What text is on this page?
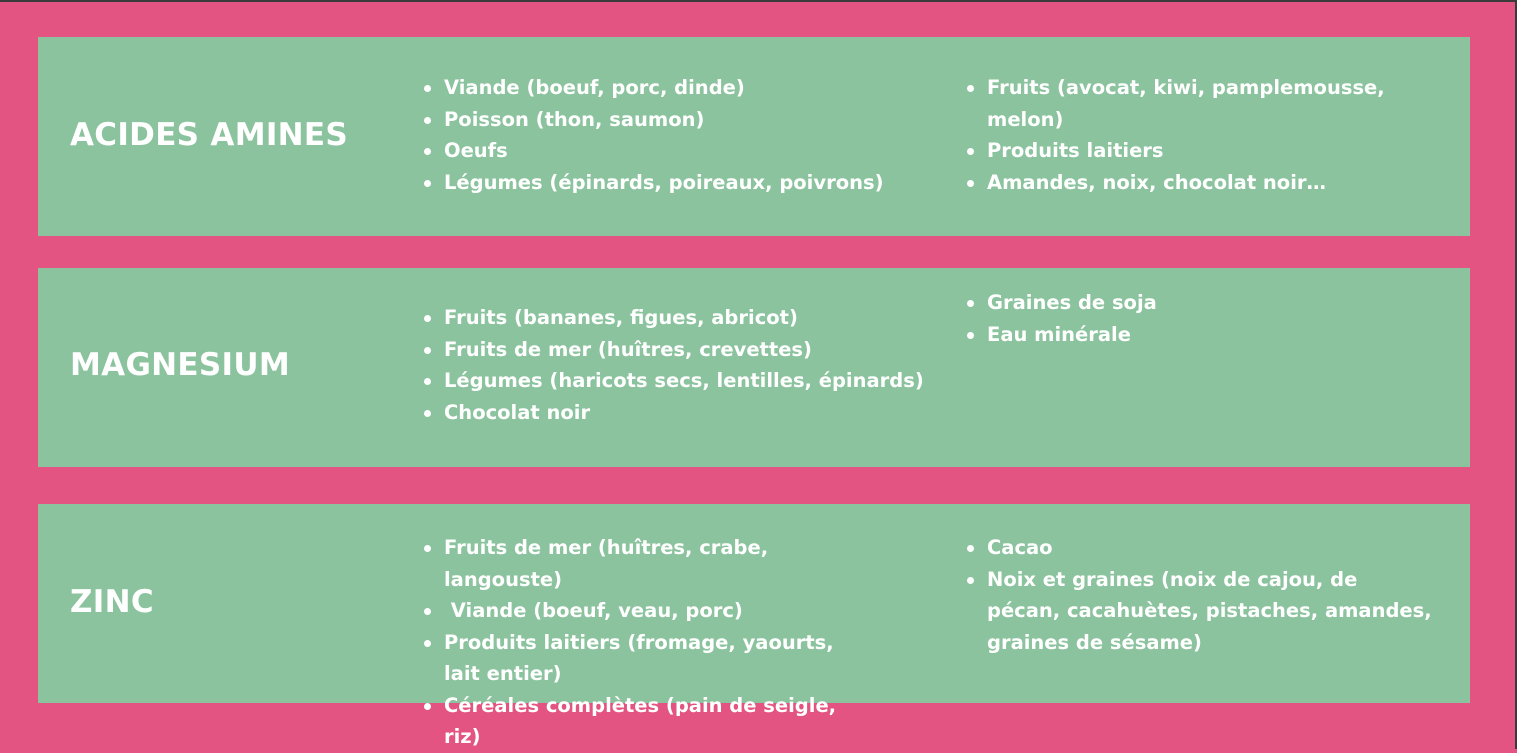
ACIDES AMINES
Viande (boeuf, porc, dinde)
Poisson (thon, saumon)
Oeufs
Légumes (épinards, poireaux, poivrons)
Fruits (avocat, kiwi, pamplemousse, melon)
Produits laitiers
Amandes, noix, chocolat noir…
MAGNESIUM
Fruits (bananes, figues, abricot)
Fruits de mer (huîtres, crevettes)
Légumes (haricots secs, lentilles, épinards)
Chocolat noir
Graines de soja
Eau minérale
ZINC
Fruits de mer (huîtres, crabe, langouste)
Viande (boeuf, veau, porc)
Produits laitiers (fromage, yaourts, lait entier)
Céréales complètes (pain de seigle, riz)
Cacao
Noix et graines (noix de cajou, de pécan, cacahuètes, pistaches, amandes, graines de sésame)
